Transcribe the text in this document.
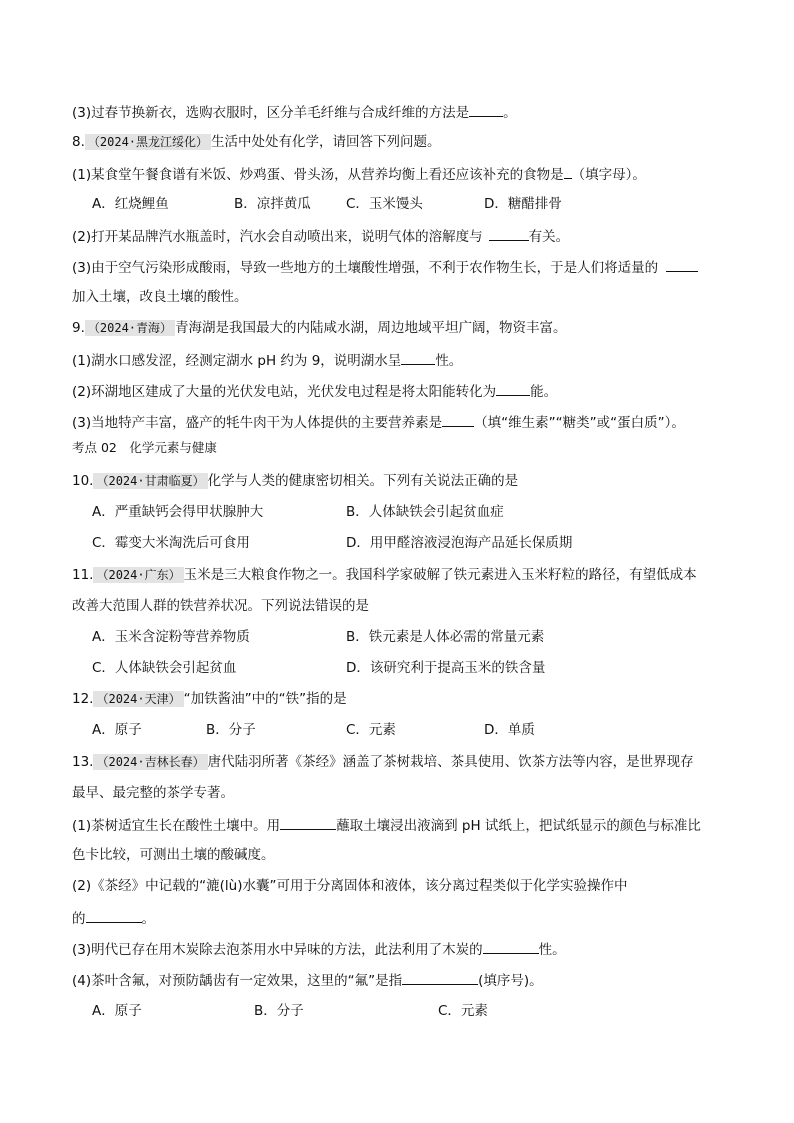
(3)过春节换新衣，选购衣服时，区分羊毛纤维与合成纤维的方法是	。
8. （2024·黑龙江绥化） 生活中处处有化学，请回答下列问题。
(1)某食堂午餐食谱有米饭、炒鸡蛋、骨头汤，从营养均衡上看还应该补充的食物是 （填字母）。
A．红烧鲤鱼	B．凉拌黄瓜	C．玉米馒头	D．糖醋排骨
(2)打开某品牌汽水瓶盖时，汽水会自动喷出来，说明气体的溶解度与	有关。
(3)由于空气污染形成酸雨，导致一些地方的土壤酸性增强，不利于农作物生长，于是人们将适量的
加入土壤，改良土壤的酸性。
9. （2024·青海） 青海湖是我国最大的内陆咸水湖，周边地域平坦广阔，物资丰富。
(1)湖水口感发涩，经测定湖水 pH 约为 9，说明湖水呈	性。
(2)环湖地区建成了大量的光伏发电站，光伏发电过程是将太阳能转化为	能。
(3)当地特产丰富，盛产的牦牛肉干为人体提供的主要营养素是 （填“维生素”“糖类”或“蛋白质”）。
考点 02　化学元素与健康
10. （2024·甘肃临夏） 化学与人类的健康密切相关。下列有关说法正确的是
A．严重缺钙会得甲状腺肿大	B．人体缺铁会引起贫血症
C．霉变大米淘洗后可食用	D．用甲醛溶液浸泡海产品延长保质期
11. （2024·广东） 玉米是三大粮食作物之一。我国科学家破解了铁元素进入玉米籽粒的路径，有望低成本
改善大范围人群的铁营养状况。下列说法错误的是
A．玉米含淀粉等营养物质	B．铁元素是人体必需的常量元素
C．人体缺铁会引起贫血	D．该研究利于提高玉米的铁含量
12. （2024·天津） “加铁酱油”中的“铁”指的是
A．原子	B．分子	C．元素	D．单质
13. （2024·吉林长春） 唐代陆羽所著《茶经》涵盖了茶树栽培、茶具使用、饮茶方法等内容，是世界现存
最早、最完整的茶学专著。
(1)茶树适宜生长在酸性土壤中。用	蘸取土壤浸出液滴到 pH 试纸上，把试纸显示的颜色与标准比
色卡比较，可测出土壤的酸碱度。
(2)《茶经》中记载的“漉(lù)水囊”可用于分离固体和液体，该分离过程类似于化学实验操作中
的	。
(3)明代已存在用木炭除去泡茶用水中异味的方法，此法利用了木炭的	性。
(4)茶叶含氟，对预防龋齿有一定效果，这里的“氟”是指	(填序号)。
A．原子	B．分子	C．元素
